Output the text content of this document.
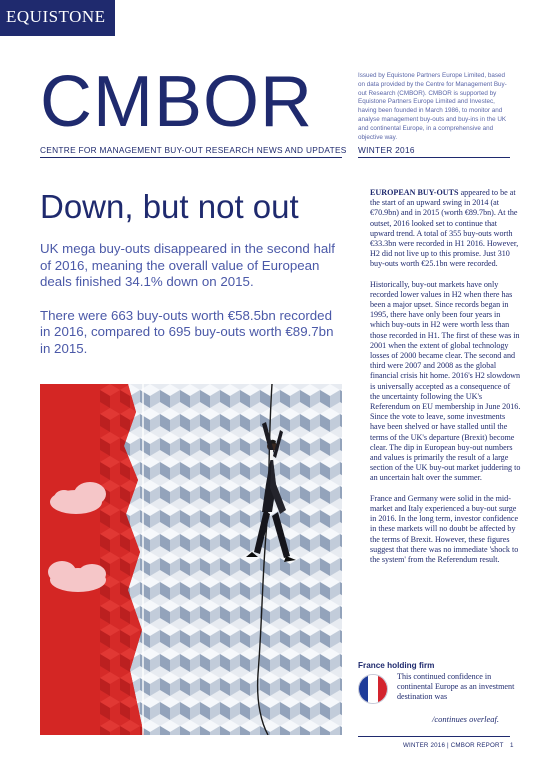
EQUISTONE
CMBOR	Issued by Equistone Partners Europe Limited, based on data provided by the Centre for Management Buy-out Research (CMBOR). CMBOR is supported by Equistone Partners Europe Limited and Investec, having been founded in March 1986, to monitor and analyse management buy-outs and buy-ins in the UK and continental Europe, in a comprehensive and objective way.
CENTRE FOR MANAGEMENT BUY-OUT RESEARCH NEWS AND UPDATES WINTER 2016
Down, but not out

UK mega buy-outs disappeared in the second half of 2016, meaning the overall value of European deals finished 34.1% down on 2015.

There were 663 buy-outs worth €58.5bn recorded in 2016, compared to 695 buy-outs worth €89.7bn in 2015.

EUROPEAN BUY-OUTS appeared to be at the start of an upward swing in 2014 (at €70.9bn) and in 2015 (worth €89.7bn). At the outset, 2016 looked set to continue that upward trend. A total of 355 buy-outs worth €33.3bn were recorded in H1 2016. However, H2 did not live up to this promise. Just 310 buy-outs worth €25.1bn were recorded.

Historically, buy-out markets have only recorded lower values in H2 when there has been a major upset. Since records began in 1995, there have only been four years in which buy-outs in H2 were worth less than those recorded in H1. The first of these was in 2001 when the extent of global technology losses of 2000 became clear. The second and third were 2007 and 2008 as the global financial crisis hit home. 2016's H2 slowdown is universally accepted as a consequence of the uncertainty following the UK's Referendum on EU membership in June 2016. Since the vote to leave, some investments have been shelved or have stalled until the terms of the UK's departure (Brexit) become clear. The dip in European buy-out numbers and values is primarily the result of a large section of the UK buy-out market juddering to an uncertain halt over the summer.

France and Germany were solid in the mid-market and Italy experienced a buy-out surge in 2016. In the long term, investor confidence in these markets will no doubt be affected by the terms of Brexit. However, these figures suggest that there was no immediate 'shock to the system' from the Referendum result.

France holding firm
This continued confidence in continental Europe as an investment destination was
/continues overleaf.
WINTER 2016 | CMBOR REPORT 1
